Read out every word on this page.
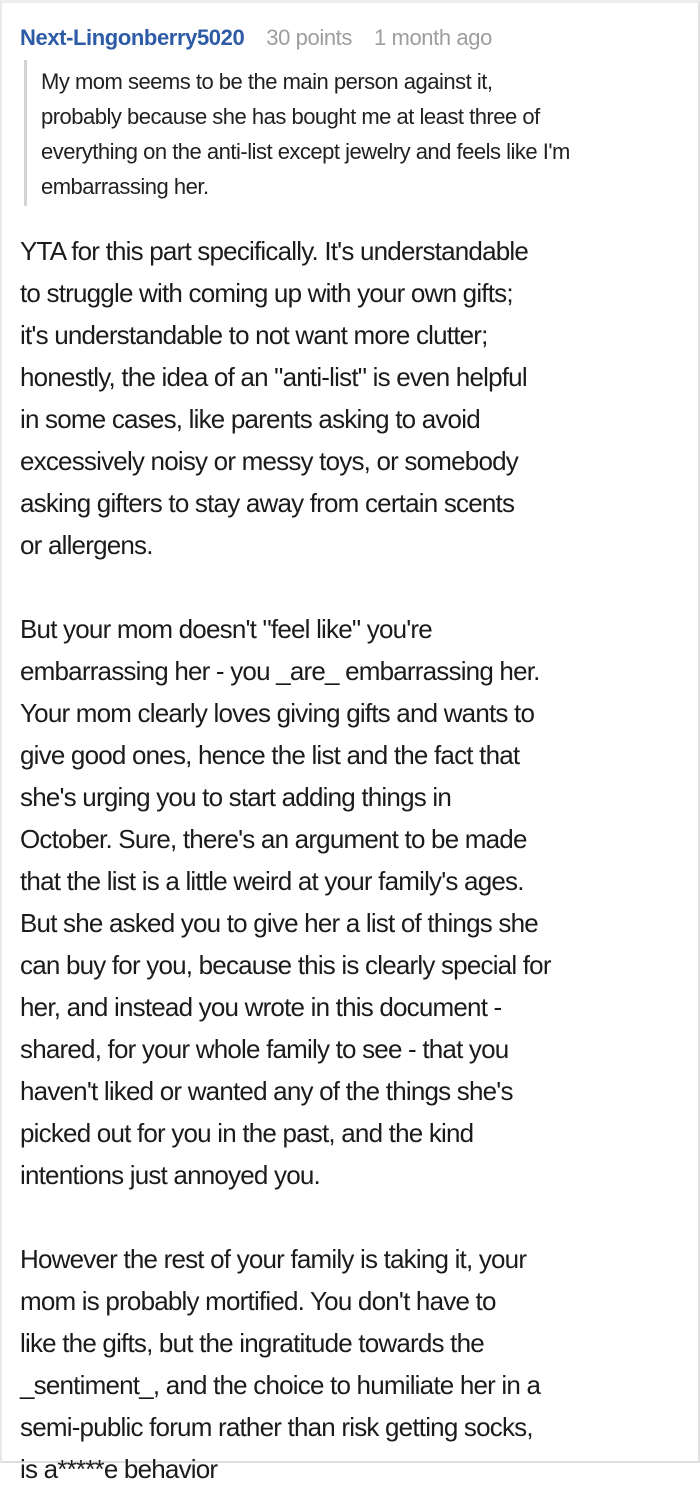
Next-Lingonberry5020 30 points 1 month ago
My mom seems to be the main person against it,
probably because she has bought me at least three of
everything on the anti-list except jewelry and feels like I'm
embarrassing her.

YTA for this part specifically. It's understandable
to struggle with coming up with your own gifts;
it's understandable to not want more clutter;
honestly, the idea of an "anti-list" is even helpful
in some cases, like parents asking to avoid
excessively noisy or messy toys, or somebody
asking gifters to stay away from certain scents
or allergens.

But your mom doesn't "feel like" you're
embarrassing her - you _are_ embarrassing her.
Your mom clearly loves giving gifts and wants to
give good ones, hence the list and the fact that
she's urging you to start adding things in
October. Sure, there's an argument to be made
that the list is a little weird at your family's ages.
But she asked you to give her a list of things she
can buy for you, because this is clearly special for
her, and instead you wrote in this document -
shared, for your whole family to see - that you
haven't liked or wanted any of the things she's
picked out for you in the past, and the kind
intentions just annoyed you.

However the rest of your family is taking it, your
mom is probably mortified. You don't have to
like the gifts, but the ingratitude towards the
_sentiment_, and the choice to humiliate her in a
semi-public forum rather than risk getting socks,
is a*****e behavior
